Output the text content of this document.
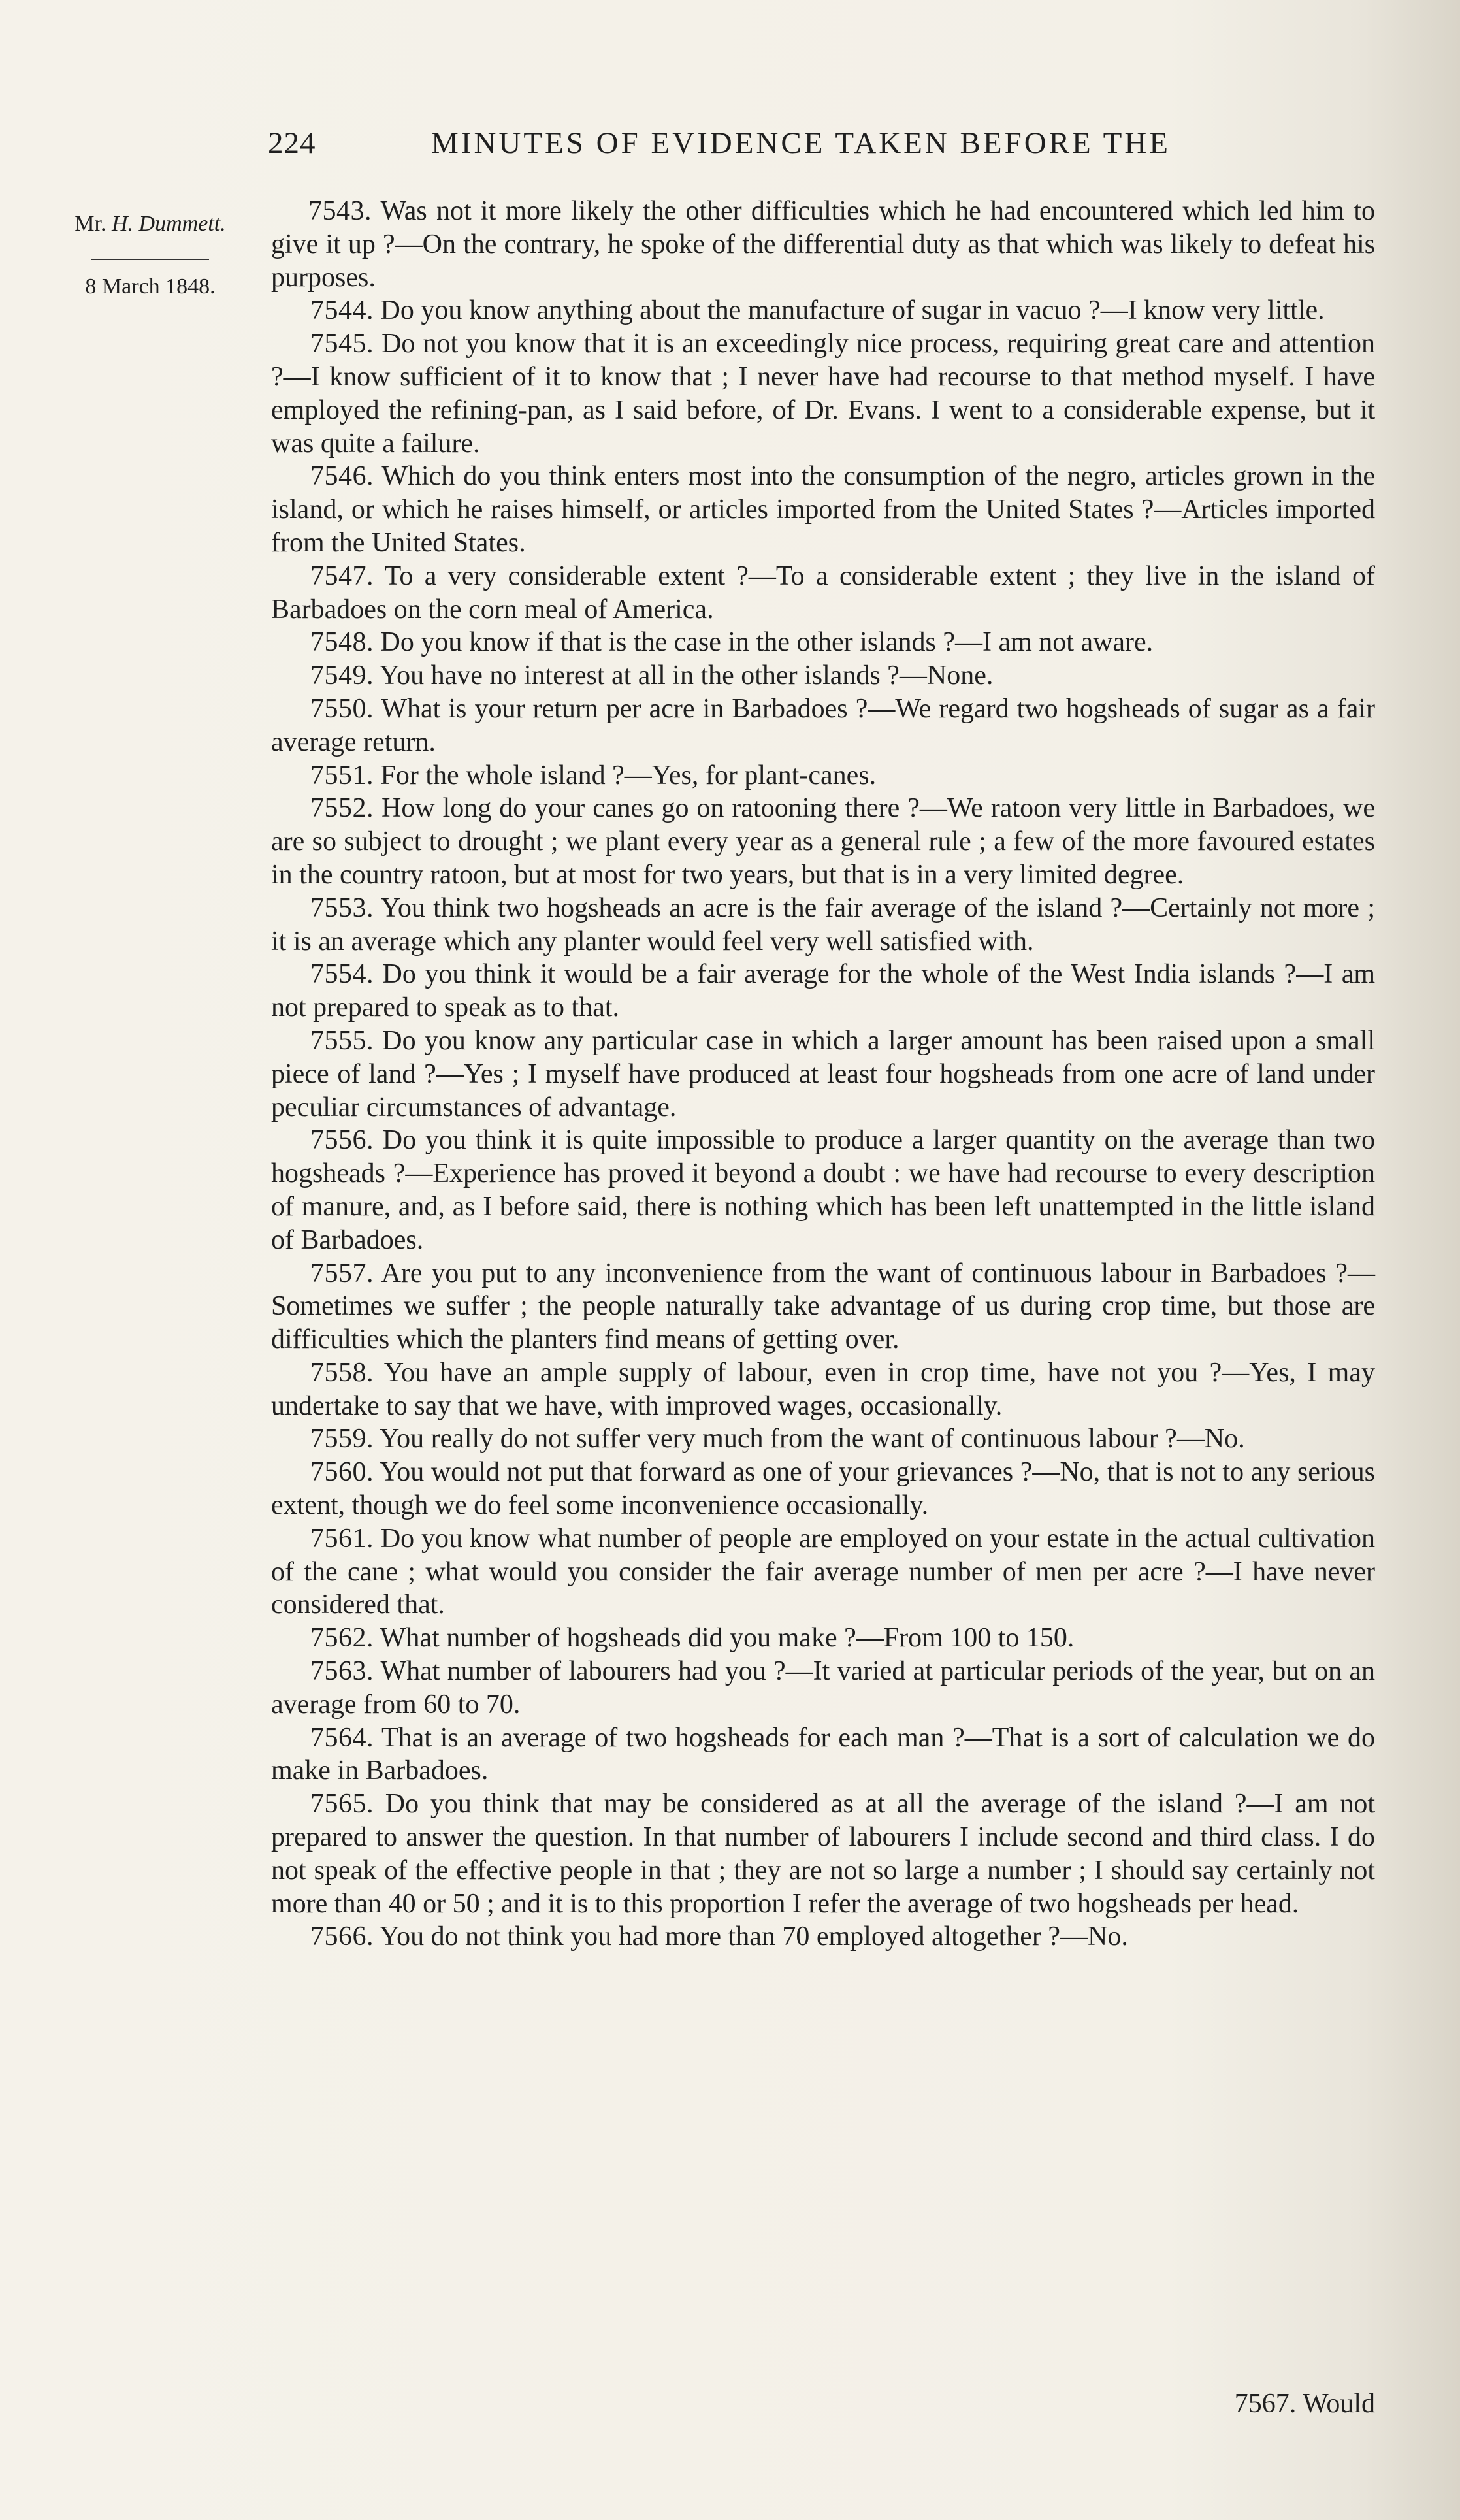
224	MINUTES OF EVIDENCE TAKEN BEFORE THE
Mr. H. Dummett.
8 March 1848.

7543. Was not it more likely the other difficulties which he had encountered which led him to give it up ?—On the contrary, he spoke of the differential duty as that which was likely to defeat his purposes.

7544. Do you know anything about the manufacture of sugar in vacuo ?—I know very little.

7545. Do not you know that it is an exceedingly nice process, requiring great care and attention ?—I know sufficient of it to know that ; I never have had recourse to that method myself. I have employed the refining-pan, as I said before, of Dr. Evans. I went to a considerable expense, but it was quite a failure.

7546. Which do you think enters most into the consumption of the negro, articles grown in the island, or which he raises himself, or articles imported from the United States ?—Articles imported from the United States.

7547. To a very considerable extent ?—To a considerable extent ; they live in the island of Barbadoes on the corn meal of America.

7548. Do you know if that is the case in the other islands ?—I am not aware.

7549. You have no interest at all in the other islands ?—None.

7550. What is your return per acre in Barbadoes ?—We regard two hogsheads of sugar as a fair average return.

7551. For the whole island ?—Yes, for plant-canes.

7552. How long do your canes go on ratooning there ?—We ratoon very little in Barbadoes, we are so subject to drought ; we plant every year as a general rule ; a few of the more favoured estates in the country ratoon, but at most for two years, but that is in a very limited degree.

7553. You think two hogsheads an acre is the fair average of the island ?—Certainly not more ; it is an average which any planter would feel very well satisfied with.

7554. Do you think it would be a fair average for the whole of the West India islands ?—I am not prepared to speak as to that.

7555. Do you know any particular case in which a larger amount has been raised upon a small piece of land ?—Yes ; I myself have produced at least four hogsheads from one acre of land under peculiar circumstances of advantage.

7556. Do you think it is quite impossible to produce a larger quantity on the average than two hogsheads ?—Experience has proved it beyond a doubt : we have had recourse to every description of manure, and, as I before said, there is nothing which has been left unattempted in the little island of Barbadoes.

7557. Are you put to any inconvenience from the want of continuous labour in Barbadoes ?—Sometimes we suffer ; the people naturally take advantage of us during crop time, but those are difficulties which the planters find means of getting over.

7558. You have an ample supply of labour, even in crop time, have not you ?—Yes, I may undertake to say that we have, with improved wages, occasionally.

7559. You really do not suffer very much from the want of continuous labour ?—No.

7560. You would not put that forward as one of your grievances ?—No, that is not to any serious extent, though we do feel some inconvenience occasionally.

7561. Do you know what number of people are employed on your estate in the actual cultivation of the cane ; what would you consider the fair average number of men per acre ?—I have never considered that.

7562. What number of hogsheads did you make ?—From 100 to 150.

7563. What number of labourers had you ?—It varied at particular periods of the year, but on an average from 60 to 70.

7564. That is an average of two hogsheads for each man ?—That is a sort of calculation we do make in Barbadoes.

7565. Do you think that may be considered as at all the average of the island ?—I am not prepared to answer the question. In that number of labourers I include second and third class. I do not speak of the effective people in that ; they are not so large a number ; I should say certainly not more than 40 or 50 ; and it is to this proportion I refer the average of two hogsheads per head.

7566. You do not think you had more than 70 employed altogether ?—No.

7567. Would
